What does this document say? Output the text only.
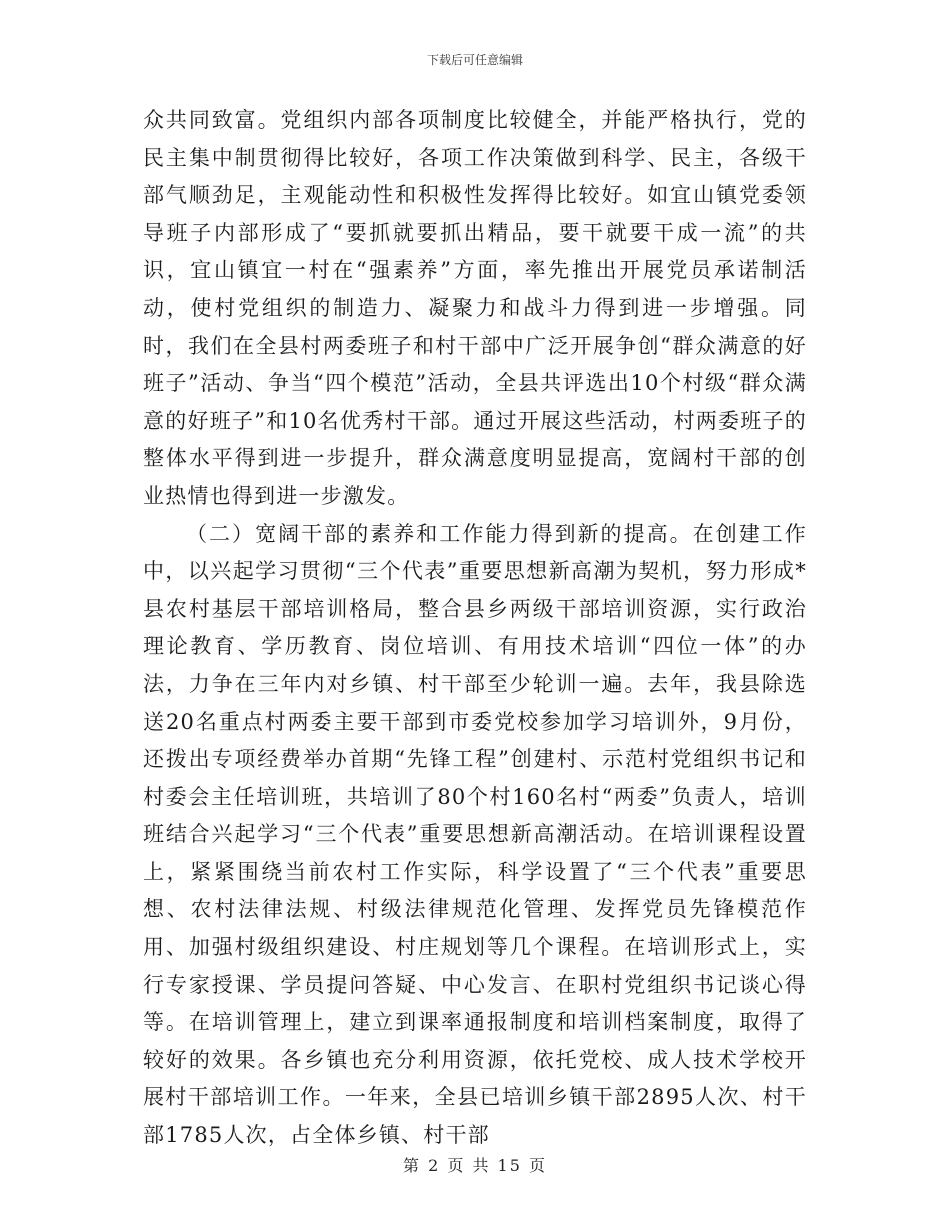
下载后可任意编辑

众共同致富。党组织内部各项制度比较健全，并能严格执行，党的民主集中制贯彻得比较好，各项工作决策做到科学、民主，各级干部气顺劲足，主观能动性和积极性发挥得比较好。如宜山镇党委领导班子内部形成了“要抓就要抓出精品，要干就要干成一流”的共识，宜山镇宜一村在“强素养”方面，率先推出开展党员承诺制活动，使村党组织的制造力、凝聚力和战斗力得到进一步增强。同时，我们在全县村两委班子和村干部中广泛开展争创“群众满意的好班子”活动、争当“四个模范”活动，全县共评选出10个村级“群众满意的好班子”和10名优秀村干部。通过开展这些活动，村两委班子的整体水平得到进一步提升，群众满意度明显提高，宽阔村干部的创业热情也得到进一步激发。

（二）宽阔干部的素养和工作能力得到新的提高。在创建工作中，以兴起学习贯彻“三个代表”重要思想新高潮为契机，努力形成*县农村基层干部培训格局，整合县乡两级干部培训资源，实行政治理论教育、学历教育、岗位培训、有用技术培训“四位一体”的办法，力争在三年内对乡镇、村干部至少轮训一遍。去年，我县除选送20名重点村两委主要干部到市委党校参加学习培训外，9月份，还拨出专项经费举办首期“先锋工程”创建村、示范村党组织书记和村委会主任培训班，共培训了80个村160名村“两委”负责人，培训班结合兴起学习“三个代表”重要思想新高潮活动。在培训课程设置上，紧紧围绕当前农村工作实际，科学设置了“三个代表”重要思想、农村法律法规、村级法律规范化管理、发挥党员先锋模范作用、加强村级组织建设、村庄规划等几个课程。在培训形式上，实行专家授课、学员提问答疑、中心发言、在职村党组织书记谈心得等。在培训管理上，建立到课率通报制度和培训档案制度，取得了较好的效果。各乡镇也充分利用资源，依托党校、成人技术学校开展村干部培训工作。一年来，全县已培训乡镇干部2895人次、村干部1785人次，占全体乡镇、村干部

第 2 页 共 15 页
